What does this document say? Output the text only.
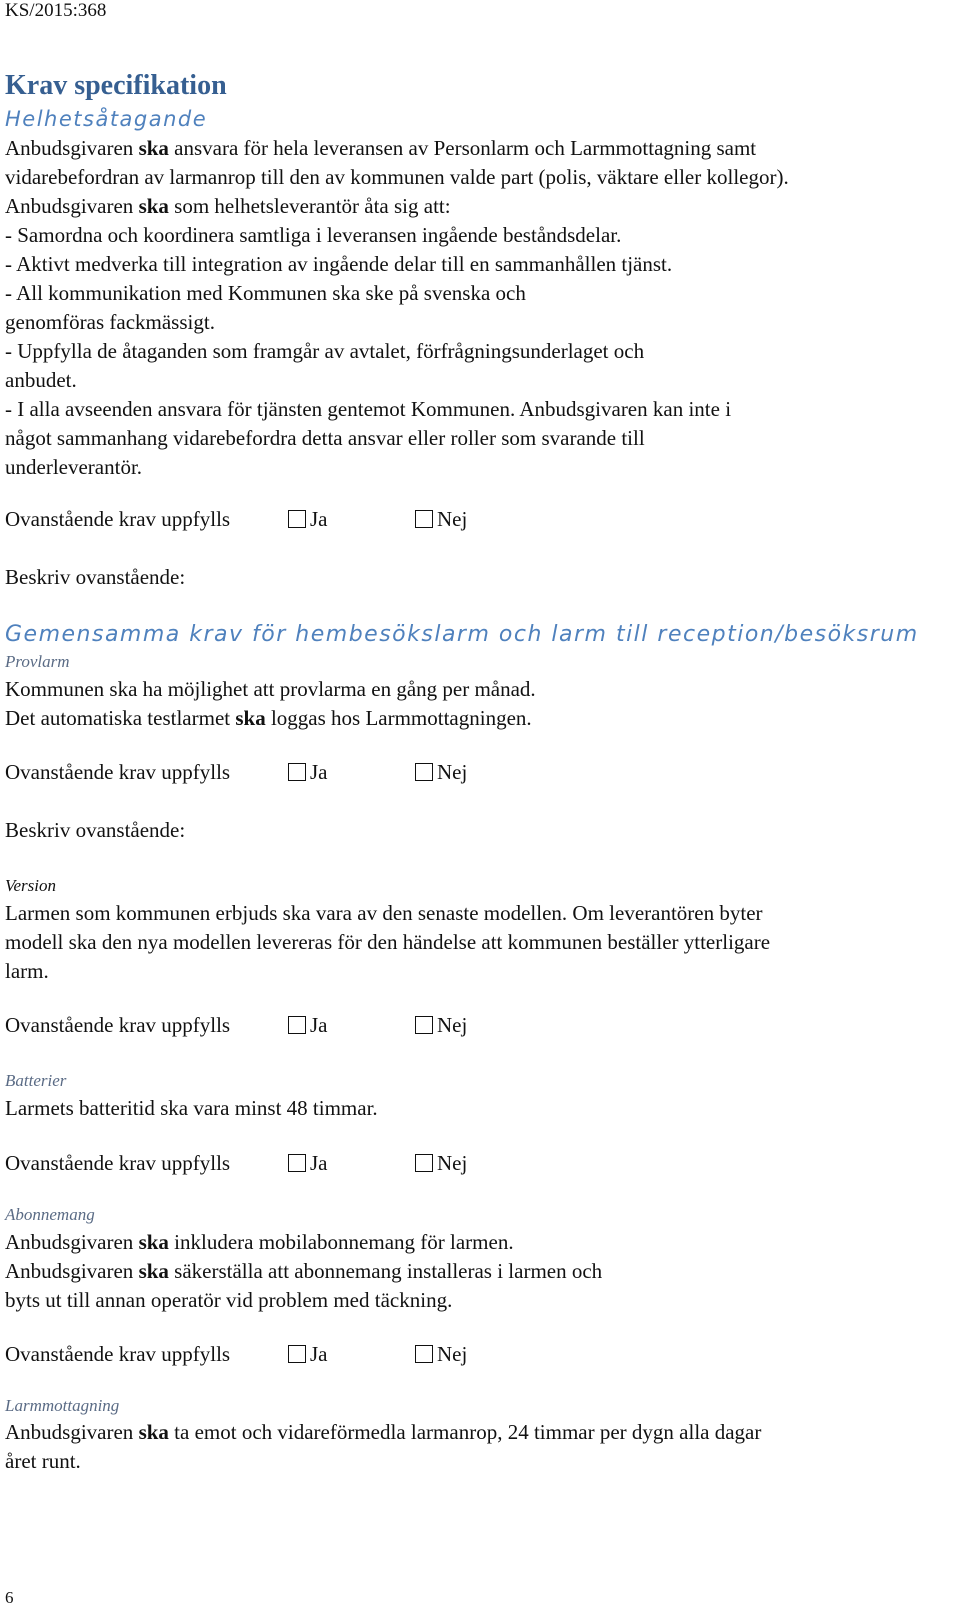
KS/2015:368
Krav specifikation
Helhetsåtagande
Anbudsgivaren ska ansvara för hela leveransen av Personlarm och Larmmottagning samt
vidarebefordran av larmanrop till den av kommunen valde part (polis, väktare eller kollegor).
Anbudsgivaren ska som helhetsleverantör åta sig att:
- Samordna och koordinera samtliga i leveransen ingående beståndsdelar.
- Aktivt medverka till integration av ingående delar till en sammanhållen tjänst.
- All kommunikation med Kommunen ska ske på svenska och
genomföras fackmässigt.
- Uppfylla de åtaganden som framgår av avtalet, förfrågningsunderlaget och
anbudet.
- I alla avseenden ansvara för tjänsten gentemot Kommunen. Anbudsgivaren kan inte i
något sammanhang vidarebefordra detta ansvar eller roller som svarande till
underleverantör.
Ovanstående krav uppfylls	Ja	Nej
Beskriv ovanstående:
Gemensamma krav för hembesökslarm och larm till reception/besöksrum
Provlarm
Kommunen ska ha möjlighet att provlarma en gång per månad.
Det automatiska testlarmet ska loggas hos Larmmottagningen.
Ovanstående krav uppfylls	Ja	Nej
Beskriv ovanstående:
Version
Larmen som kommunen erbjuds ska vara av den senaste modellen. Om leverantören byter
modell ska den nya modellen levereras för den händelse att kommunen beställer ytterligare
larm.
Ovanstående krav uppfylls	Ja	Nej
Batterier
Larmets batteritid ska vara minst 48 timmar.
Ovanstående krav uppfylls	Ja	Nej
Abonnemang
Anbudsgivaren ska inkludera mobilabonnemang för larmen.
Anbudsgivaren ska säkerställa att abonnemang installeras i larmen och
byts ut till annan operatör vid problem med täckning.
Ovanstående krav uppfylls	Ja	Nej
Larmmottagning
Anbudsgivaren ska ta emot och vidareförmedla larmanrop, 24 timmar per dygn alla dagar
året runt.
6
